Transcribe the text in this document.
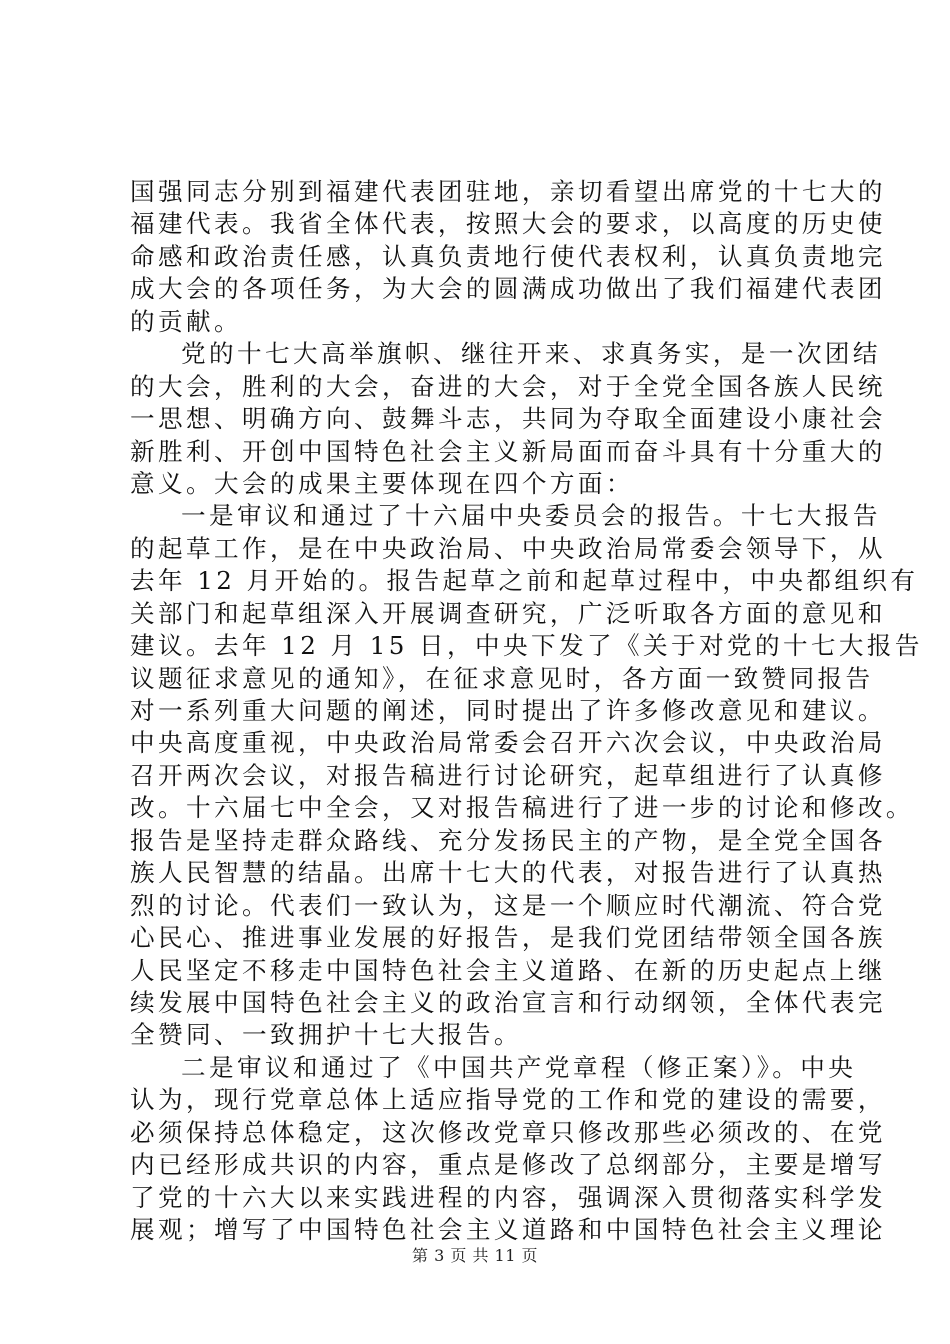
国强同志分别到福建代表团驻地，亲切看望出席党的十七大的
福建代表。我省全体代表，按照大会的要求，以高度的历史使
命感和政治责任感，认真负责地行使代表权利，认真负责地完
成大会的各项任务，为大会的圆满成功做出了我们福建代表团
的贡献。
党的十七大高举旗帜、继往开来、求真务实，是一次团结
的大会，胜利的大会，奋进的大会，对于全党全国各族人民统
一思想、明确方向、鼓舞斗志，共同为夺取全面建设小康社会
新胜利、开创中国特色社会主义新局面而奋斗具有十分重大的
意义。大会的成果主要体现在四个方面：
一是审议和通过了十六届中央委员会的报告。十七大报告
的起草工作，是在中央政治局、中央政治局常委会领导下，从
去年 12 月开始的。报告起草之前和起草过程中，中央都组织有
关部门和起草组深入开展调查研究，广泛听取各方面的意见和
建议。去年 12 月 15 日，中央下发了《关于对党的十七大报告
议题征求意见的通知》，在征求意见时，各方面一致赞同报告
对一系列重大问题的阐述，同时提出了许多修改意见和建议。
中央高度重视，中央政治局常委会召开六次会议，中央政治局
召开两次会议，对报告稿进行讨论研究，起草组进行了认真修
改。十六届七中全会，又对报告稿进行了进一步的讨论和修改。
报告是坚持走群众路线、充分发扬民主的产物，是全党全国各
族人民智慧的结晶。出席十七大的代表，对报告进行了认真热
烈的讨论。代表们一致认为，这是一个顺应时代潮流、符合党
心民心、推进事业发展的好报告，是我们党团结带领全国各族
人民坚定不移走中国特色社会主义道路、在新的历史起点上继
续发展中国特色社会主义的政治宣言和行动纲领，全体代表完
全赞同、一致拥护十七大报告。
二是审议和通过了《中国共产党章程（修正案）》。中央
认为，现行党章总体上适应指导党的工作和党的建设的需要，
必须保持总体稳定，这次修改党章只修改那些必须改的、在党
内已经形成共识的内容，重点是修改了总纲部分，主要是增写
了党的十六大以来实践进程的内容，强调深入贯彻落实科学发
展观；增写了中国特色社会主义道路和中国特色社会主义理论
第 3 页 共 11 页
